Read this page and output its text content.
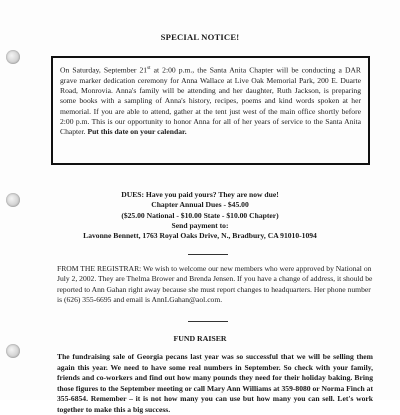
SPECIAL NOTICE!

On Saturday, September 21st at 2:00 p.m., the Santa Anita Chapter will be conducting a DAR grave marker dedication ceremony for Anna Wallace at Live Oak Memorial Park, 200 E. Duarte Road, Monrovia. Anna's family will be attending and her daughter, Ruth Jackson, is preparing some books with a sampling of Anna's history, recipes, poems and kind words spoken at her memorial. If you are able to attend, gather at the tent just west of the main office shortly before 2:00 p.m. This is our opportunity to honor Anna for all of her years of service to the Santa Anita Chapter. Put this date on your calendar.

DUES: Have you paid yours? They are now due!
Chapter Annual Dues - $45.00
($25.00 National - $10.00 State - $10.00 Chapter)
Send payment to:
Lavonne Bennett, 1763 Royal Oaks Drive, N., Bradbury, CA 91010-1094

FROM THE REGISTRAR: We wish to welcome our new members who were approved by National on July 2, 2002. They are Thelma Brower and Brenda Jensen. If you have a change of address, it should be reported to Ann Gahan right away because she must report changes to headquarters. Her phone number is (626) 355-6695 and email is AnnLGahan@aol.com.

FUND RAISER

The fundraising sale of Georgia pecans last year was so successful that we will be selling them again this year. We need to have some real numbers in September. So check with your family, friends and co-workers and find out how many pounds they need for their holiday baking. Bring those figures to the September meeting or call Mary Ann Williams at 359-8080 or Norma Finch at 355-6854. Remember – it is not how many you can use but how many you can sell. Let's work together to make this a big success.
